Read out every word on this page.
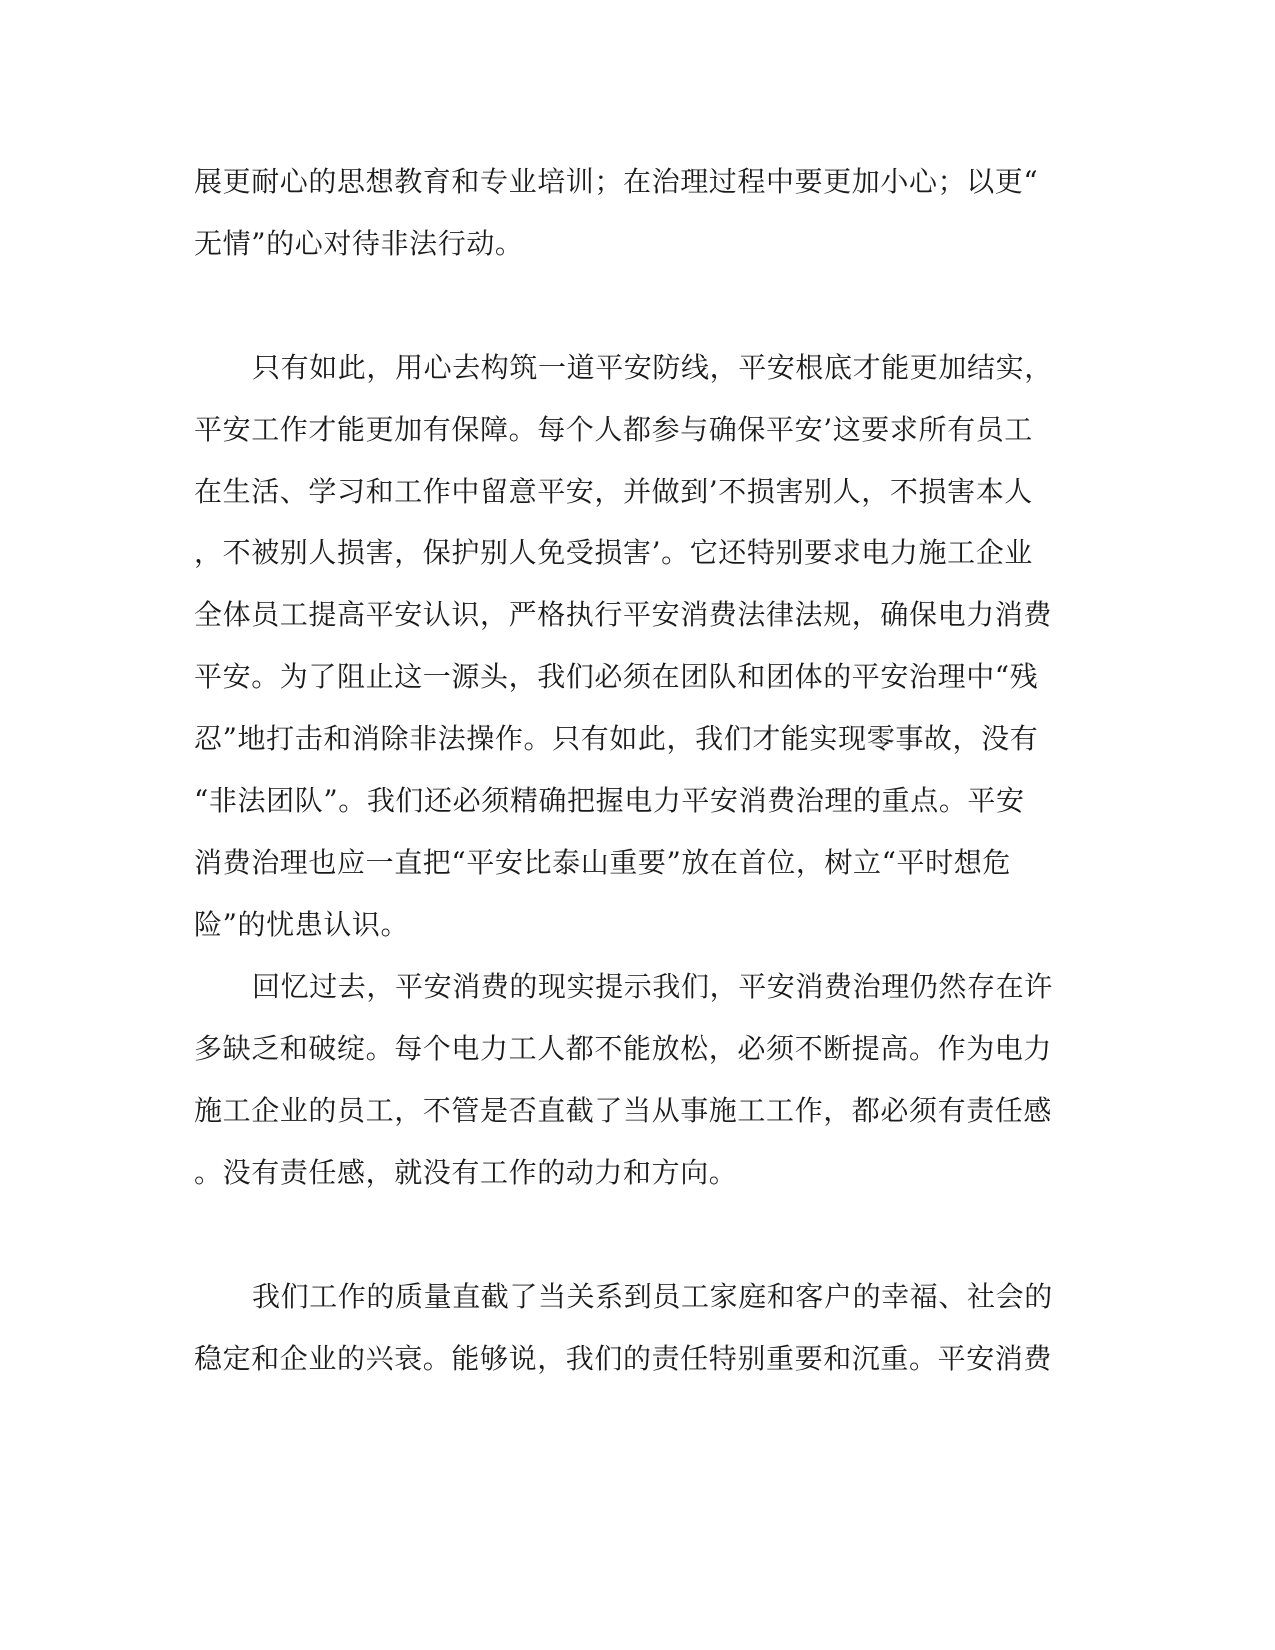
展更耐心的思想教育和专业培训；在治理过程中要更加小心；以更“
无情”的心对待非法行动。
只有如此，用心去构筑一道平安防线，平安根底才能更加结实，
平安工作才能更加有保障。每个人都参与确保平安’这要求所有员工
在生活、学习和工作中留意平安，并做到’不损害别人，不损害本人
，不被别人损害，保护别人免受损害’。它还特别要求电力施工企业
全体员工提高平安认识，严格执行平安消费法律法规，确保电力消费
平安。为了阻止这一源头，我们必须在团队和团体的平安治理中“残
忍”地打击和消除非法操作。只有如此，我们才能实现零事故，没有
“非法团队”。我们还必须精确把握电力平安消费治理的重点。平安
消费治理也应一直把“平安比泰山重要”放在首位，树立“平时想危
险”的忧患认识。
回忆过去，平安消费的现实提示我们，平安消费治理仍然存在许
多缺乏和破绽。每个电力工人都不能放松，必须不断提高。作为电力
施工企业的员工，不管是否直截了当从事施工工作，都必须有责任感
。没有责任感，就没有工作的动力和方向。
我们工作的质量直截了当关系到员工家庭和客户的幸福、社会的
稳定和企业的兴衰。能够说，我们的责任特别重要和沉重。平安消费
